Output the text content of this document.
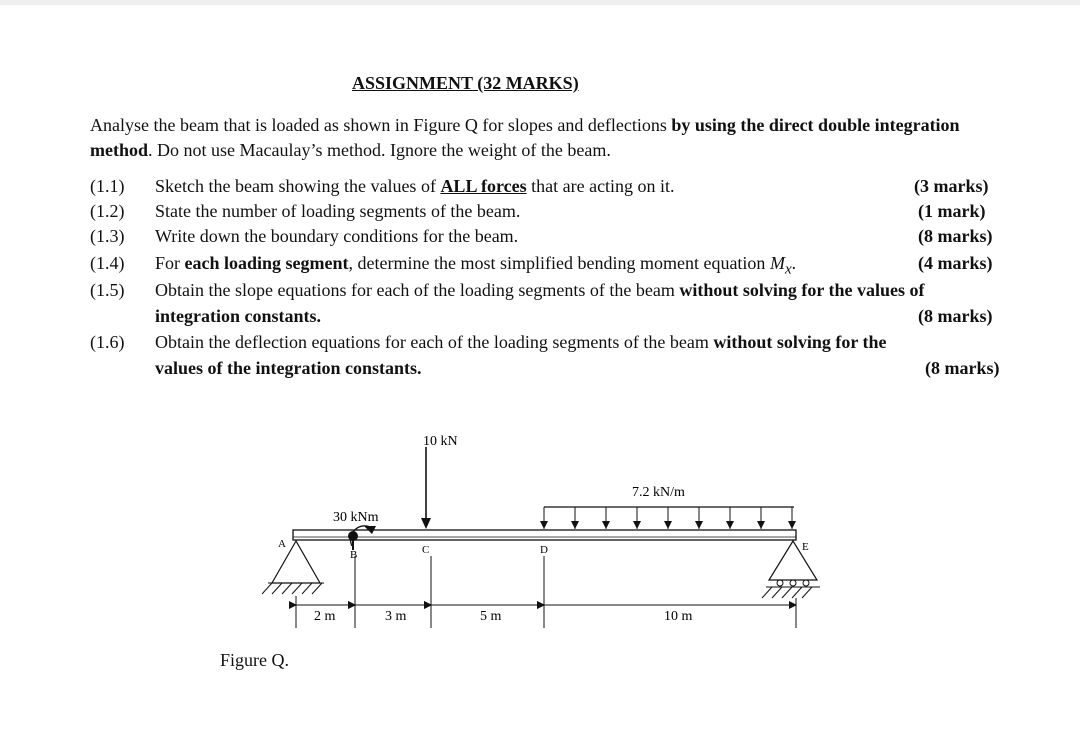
ASSIGNMENT (32 MARKS)
Analyse the beam that is loaded as shown in Figure Q for slopes and deflections by using the direct double integration method. Do not use Macaulay’s method. Ignore the weight of the beam.
(1.1) Sketch the beam showing the values of ALL forces that are acting on it.	(3 marks)
(1.2) State the number of loading segments of the beam.	(1 mark)
(1.3) Write down the boundary conditions for the beam.	(8 marks)
(1.4) For each loading segment, determine the most simplified bending moment equation $M_x$.	(4 marks)
(1.5) Obtain the slope equations for each of the loading segments of the beam without solving for the values of
integration constants.	(8 marks)
(1.6) Obtain the deflection equations for each of the loading segments of the beam without solving for the
values of the integration constants.	(8 marks)
A
B	C	D	E
10 kN
30 kNm
7.2 kN/m
2 m	3 m	5 m	10 m
Figure Q.
